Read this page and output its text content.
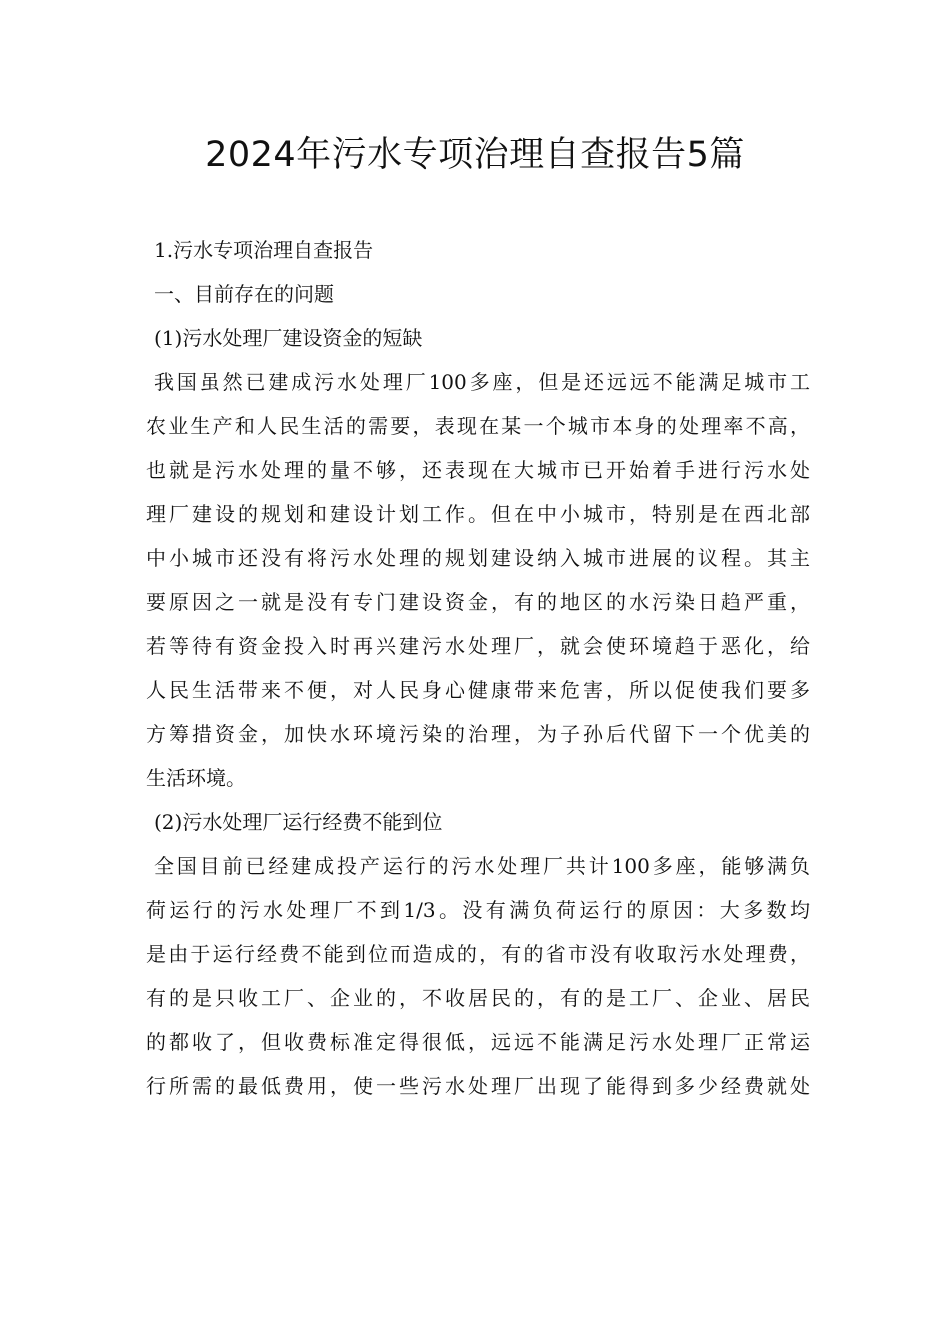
2024年污水专项治理自查报告5篇
1.污水专项治理自查报告
一、目前存在的问题
(1)污水处理厂建设资金的短缺
我国虽然已建成污水处理厂100多座，但是还远远不能满足城市工
农业生产和人民生活的需要，表现在某一个城市本身的处理率不高，
也就是污水处理的量不够，还表现在大城市已开始着手进行污水处
理厂建设的规划和建设计划工作。但在中小城市，特别是在西北部
中小城市还没有将污水处理的规划建设纳入城市进展的议程。其主
要原因之一就是没有专门建设资金，有的地区的水污染日趋严重，
若等待有资金投入时再兴建污水处理厂，就会使环境趋于恶化，给
人民生活带来不便，对人民身心健康带来危害，所以促使我们要多
方筹措资金，加快水环境污染的治理，为子孙后代留下一个优美的
生活环境。
(2)污水处理厂运行经费不能到位
全国目前已经建成投产运行的污水处理厂共计100多座，能够满负
荷运行的污水处理厂不到1/3。没有满负荷运行的原因：大多数均
是由于运行经费不能到位而造成的，有的省市没有收取污水处理费，
有的是只收工厂、企业的，不收居民的，有的是工厂、企业、居民
的都收了，但收费标准定得很低，远远不能满足污水处理厂正常运
行所需的最低费用，使一些污水处理厂出现了能得到多少经费就处
